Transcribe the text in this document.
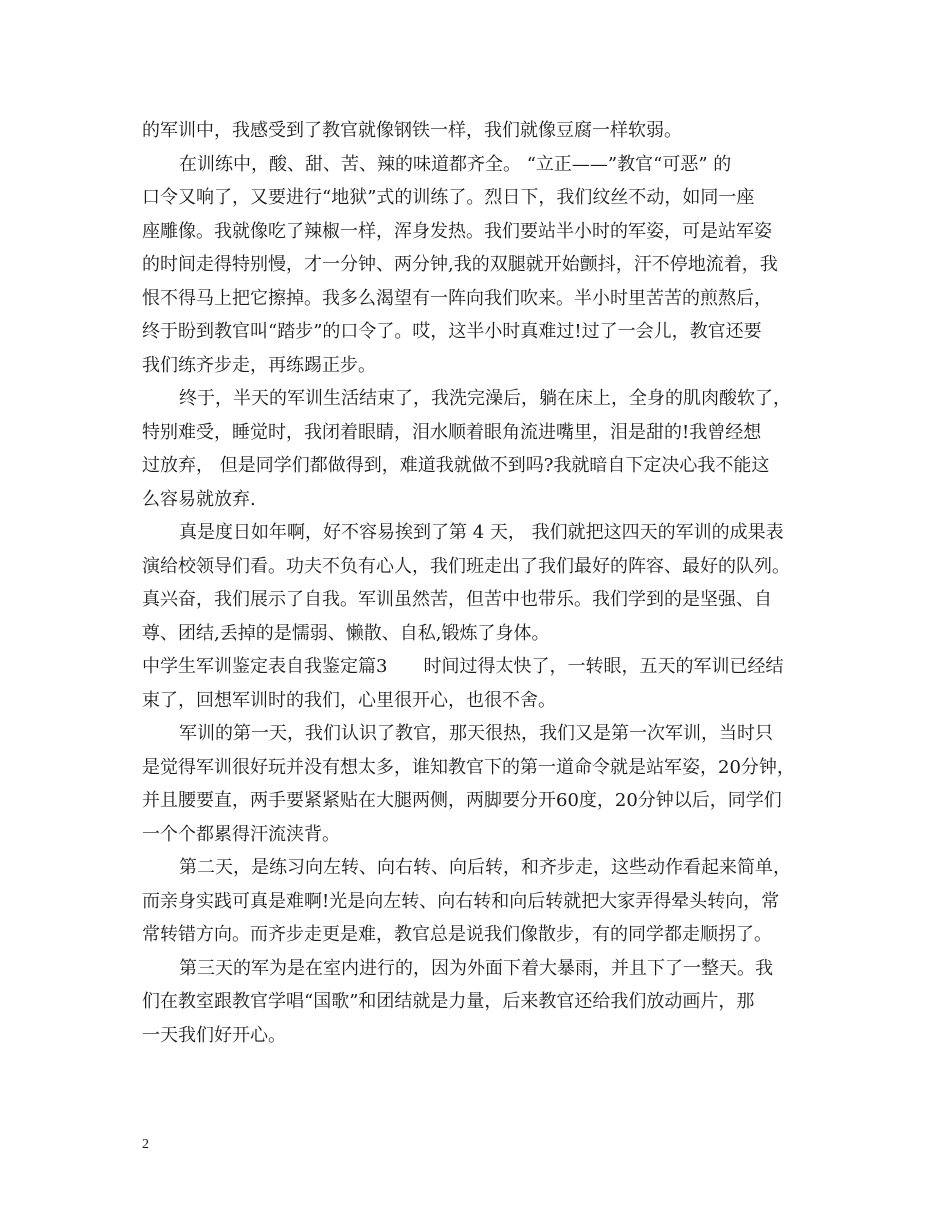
的军训中，我感受到了教官就像钢铁一样，我们就像豆腐一样软弱。
在训练中，酸、甜、苦、辣的味道都齐全。 “立正——”教官“可恶” 的
口令又响了，又要进行“地狱”式的训练了。烈日下，我们纹丝不动，如同一座
座雕像。我就像吃了辣椒一样，浑身发热。我们要站半小时的军姿，可是站军姿
的时间走得特别慢，才一分钟、两分钟,我的双腿就开始颤抖，汗不停地流着，我
恨不得马上把它擦掉。我多么渴望有一阵向我们吹来。半小时里苦苦的煎熬后，
终于盼到教官叫“踏步”的口令了。哎，这半小时真难过!过了一会儿，教官还要
我们练齐步走，再练踢正步。
终于，半天的军训生活结束了，我洗完澡后，躺在床上，全身的肌肉酸软了，
特别难受，睡觉时，我闭着眼睛，泪水顺着眼角流进嘴里，泪是甜的!我曾经想
过放弃， 但是同学们都做得到，难道我就做不到吗?我就暗自下定决心我不能这
么容易就放弃.
真是度日如年啊，好不容易挨到了第 4 天， 我们就把这四天的军训的成果表
演给校领导们看。功夫不负有心人，我们班走出了我们最好的阵容、最好的队列。
真兴奋，我们展示了自我。军训虽然苦，但苦中也带乐。我们学到的是坚强、自
尊、团结,丢掉的是懦弱、懒散、自私,锻炼了身体。
中学生军训鉴定表自我鉴定篇3　　时间过得太快了，一转眼，五天的军训已经结
束了，回想军训时的我们，心里很开心，也很不舍。
军训的第一天，我们认识了教官，那天很热，我们又是第一次军训，当时只
是觉得军训很好玩并没有想太多，谁知教官下的第一道命令就是站军姿，20分钟，
并且腰要直，两手要紧紧贴在大腿两侧，两脚要分开60度，20分钟以后，同学们
一个个都累得汗流浃背。
第二天，是练习向左转、向右转、向后转，和齐步走，这些动作看起来简单，
而亲身实践可真是难啊!光是向左转、向右转和向后转就把大家弄得晕头转向，常
常转错方向。而齐步走更是难，教官总是说我们像散步，有的同学都走顺拐了。
第三天的军为是在室内进行的，因为外面下着大暴雨，并且下了一整天。我
们在教室跟教官学唱“国歌”和团结就是力量，后来教官还给我们放动画片，那
一天我们好开心。
2
